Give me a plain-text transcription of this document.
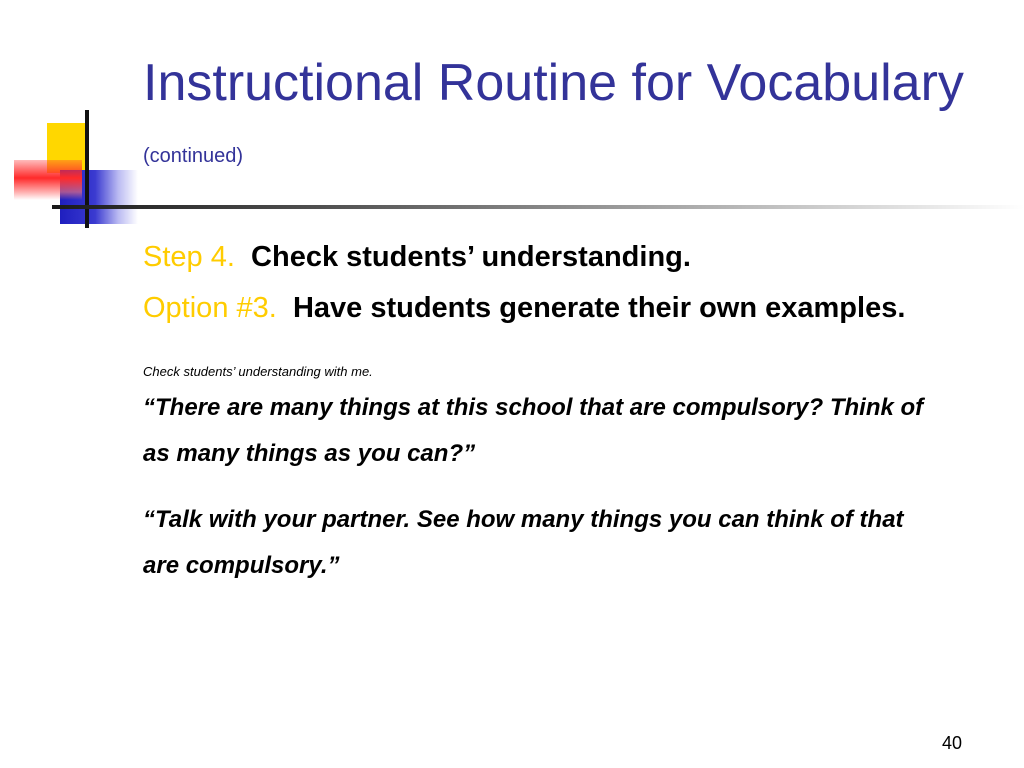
Instructional Routine for Vocabulary (continued)

Step 4. Check students’ understanding.

Option #3. Have students generate their own examples.

Check students’ understanding with me.

“There are many things at this school that are compulsory? Think of as many things as you can?”

“Talk with your partner. See how many things you can think of that are compulsory.”

40
